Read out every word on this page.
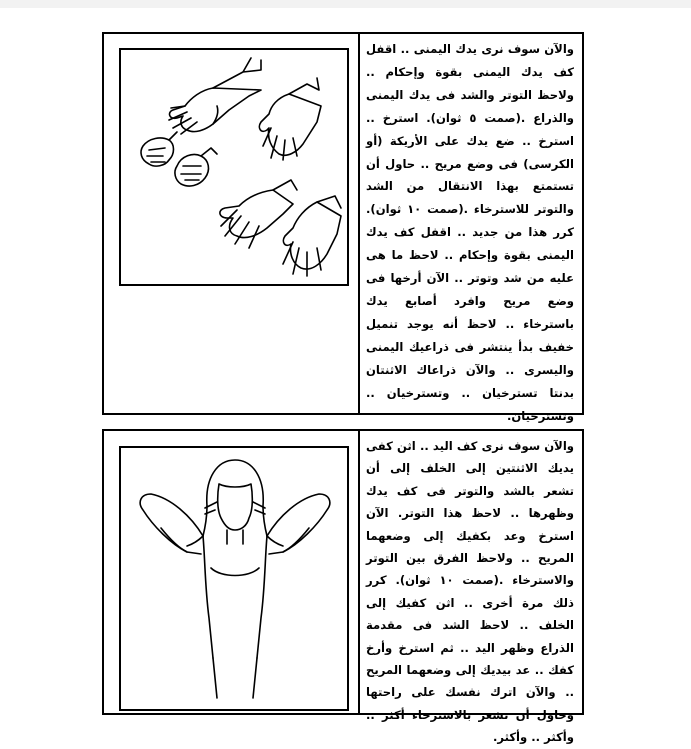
والآن سوف نرى يدك اليمنى .. اقفل كف يدك اليمنى بقوة وإحكام .. ولاحظ التوتر والشد فى يدك اليمنى والذراع .(صمت ٥ ثوان). استرخ .. استرخ .. ضع يدك على الأريكة (أو الكرسى) فى وضع مريح .. حاول أن تستمتع بهذا الانتقال من الشد والتوتر للاسترخاء .(صمت ١٠ ثوان). كرر هذا من جديد .. اقفل كف يدك اليمنى بقوة وإحكام .. لاحظ ما هى عليه من شد وتوتر .. الآن أرخها فى وضع مريح وافرد أصابع يدك باسترخاء .. لاحظ أنه يوجد تنميل خفيف بدأ ينتشر فى ذراعيك اليمنى واليسرى .. والآن ذراعاك الاثنتان بدنتا تسترخيان .. وتسترخيان .. وتسترخيان.

والآن سوف نرى كف اليد .. اثن كفى يديك الاثنتين إلى الخلف إلى أن تشعر بالشد والتوتر فى كف يدك وظهرها .. لاحظ هذا التوتر. الآن استرخ وعد بكفيك إلى وضعهما المريح .. ولاحظ الفرق بين التوتر والاسترخاء .(صمت ١٠ ثوان). كرر ذلك مرة أخرى .. اثن كفيك إلى الخلف .. لاحظ الشد فى مقدمة الذراع وظهر اليد .. ثم استرخ وأرخ كفك .. عد بيديك إلى وضعهما المريح .. والآن اترك نفسك على راحتها وحاول أن تشعر بالاسترخاء أكثر .. وأكثر .. وأكثر.
